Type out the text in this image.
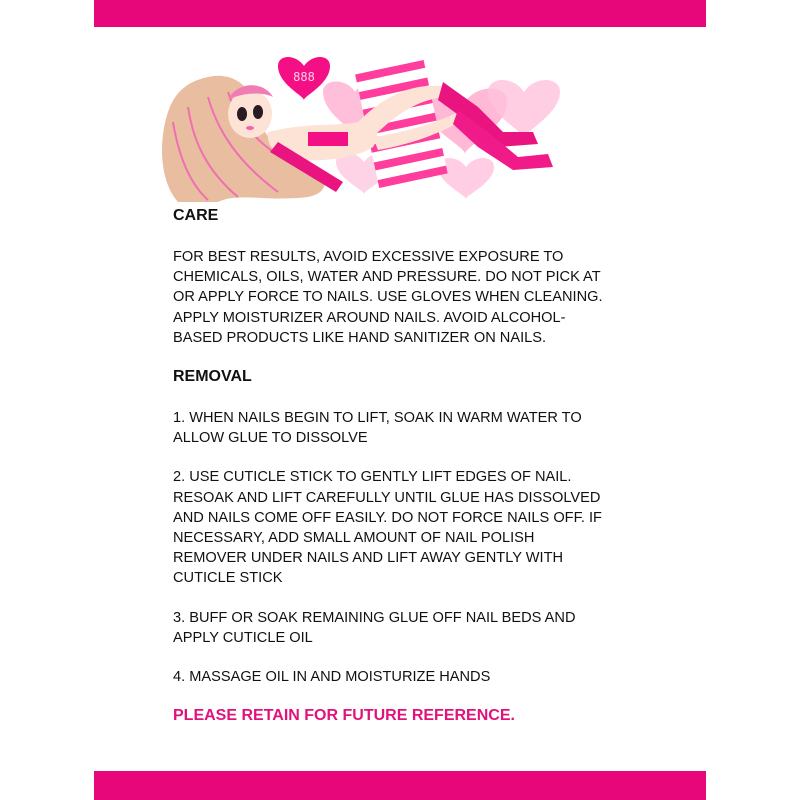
888

CARE

FOR BEST RESULTS, AVOID EXCESSIVE EXPOSURE TO
CHEMICALS, OILS, WATER AND PRESSURE. DO NOT PICK AT
OR APPLY FORCE TO NAILS. USE GLOVES WHEN CLEANING.
APPLY MOISTURIZER AROUND NAILS. AVOID ALCOHOL-
BASED PRODUCTS LIKE HAND SANITIZER ON NAILS.

REMOVAL

1. WHEN NAILS BEGIN TO LIFT, SOAK IN WARM WATER TO
ALLOW GLUE TO DISSOLVE

2. USE CUTICLE STICK TO GENTLY LIFT EDGES OF NAIL.
RESOAK AND LIFT CAREFULLY UNTIL GLUE HAS DISSOLVED
AND NAILS COME OFF EASILY. DO NOT FORCE NAILS OFF. IF
NECESSARY, ADD SMALL AMOUNT OF NAIL POLISH
REMOVER UNDER NAILS AND LIFT AWAY GENTLY WITH
CUTICLE STICK

3. BUFF OR SOAK REMAINING GLUE OFF NAIL BEDS AND
APPLY CUTICLE OIL

4. MASSAGE OIL IN AND MOISTURIZE HANDS

PLEASE RETAIN FOR FUTURE REFERENCE.
